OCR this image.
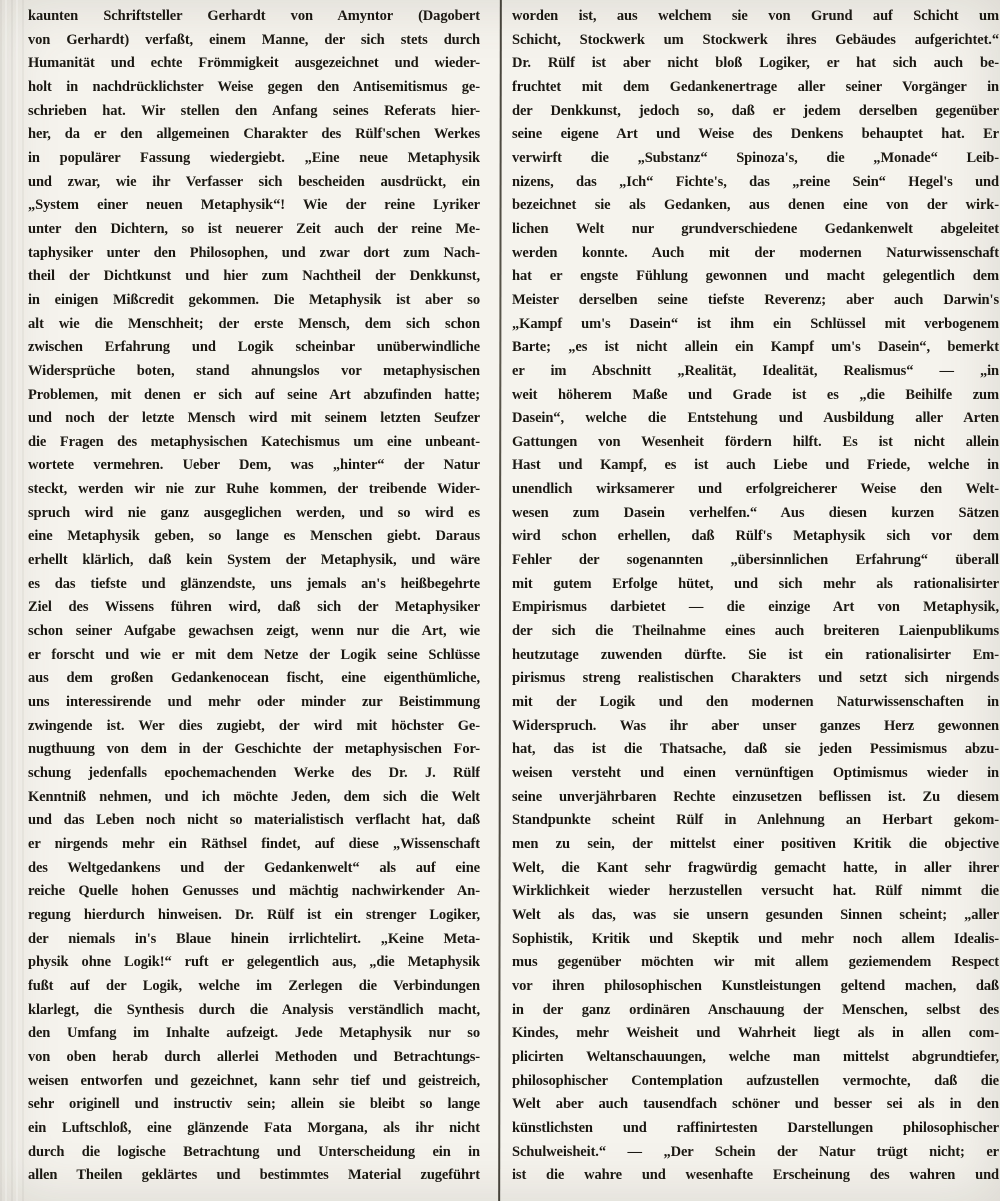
kaunten Schriftsteller Gerhardt von Amyntor (Dagobert
von Gerhardt) verfaßt, einem Manne, der sich stets durch
Humanität und echte Frömmigkeit ausgezeichnet und wieder-
holt in nachdrücklichster Weise gegen den Antisemitismus ge-
schrieben hat. Wir stellen den Anfang seines Referats hier-
her, da er den allgemeinen Charakter des Rülf'schen Werkes
in populärer Fassung wiedergiebt. „Eine neue Metaphysik
und zwar, wie ihr Verfasser sich bescheiden ausdrückt, ein
„System einer neuen Metaphysik“! Wie der reine Lyriker
unter den Dichtern, so ist neuerer Zeit auch der reine Me-
taphysiker unter den Philosophen, und zwar dort zum Nach-
theil der Dichtkunst und hier zum Nachtheil der Denkkunst,
in einigen Mißcredit gekommen. Die Metaphysik ist aber so
alt wie die Menschheit; der erste Mensch, dem sich schon
zwischen Erfahrung und Logik scheinbar unüberwindliche
Widersprüche boten, stand ahnungslos vor metaphysischen
Problemen, mit denen er sich auf seine Art abzufinden hatte;
und noch der letzte Mensch wird mit seinem letzten Seufzer
die Fragen des metaphysischen Katechismus um eine unbeant-
wortete vermehren. Ueber Dem, was „hinter“ der Natur
steckt, werden wir nie zur Ruhe kommen, der treibende Wider-
spruch wird nie ganz ausgeglichen werden, und so wird es
eine Metaphysik geben, so lange es Menschen giebt. Daraus
erhellt klärlich, daß kein System der Metaphysik, und wäre
es das tiefste und glänzendste, uns jemals an's heißbegehrte
Ziel des Wissens führen wird, daß sich der Metaphysiker
schon seiner Aufgabe gewachsen zeigt, wenn nur die Art, wie
er forscht und wie er mit dem Netze der Logik seine Schlüsse
aus dem großen Gedankenocean fischt, eine eigenthümliche,
uns interessirende und mehr oder minder zur Beistimmung
zwingende ist. Wer dies zugiebt, der wird mit höchster Ge-
nugthuung von dem in der Geschichte der metaphysischen For-
schung jedenfalls epochemachenden Werke des Dr. J. Rülf
Kenntniß nehmen, und ich möchte Jeden, dem sich die Welt
und das Leben noch nicht so materialistisch verflacht hat, daß
er nirgends mehr ein Räthsel findet, auf diese „Wissenschaft
des Weltgedankens und der Gedankenwelt“ als auf eine
reiche Quelle hohen Genusses und mächtig nachwirkender An-
regung hierdurch hinweisen. Dr. Rülf ist ein strenger Logiker,
der niemals in's Blaue hinein irrlichtelirt. „Keine Meta-
physik ohne Logik!“ ruft er gelegentlich aus, „die Metaphysik
fußt auf der Logik, welche im Zerlegen die Verbindungen
klarlegt, die Synthesis durch die Analysis verständlich macht,
den Umfang im Inhalte aufzeigt. Jede Metaphysik nur so
von oben herab durch allerlei Methoden und Betrachtungs-
weisen entworfen und gezeichnet, kann sehr tief und geistreich,
sehr originell und instructiv sein; allein sie bleibt so lange
ein Luftschloß, eine glänzende Fata Morgana, als ihr nicht
durch die logische Betrachtung und Unterscheidung ein in
allen Theilen geklärtes und bestimmtes Material zugeführt
worden ist, aus welchem sie von Grund auf Schicht um
Schicht, Stockwerk um Stockwerk ihres Gebäudes aufgerichtet.“
Dr. Rülf ist aber nicht bloß Logiker, er hat sich auch be-
fruchtet mit dem Gedankenertrage aller seiner Vorgänger in
der Denkkunst, jedoch so, daß er jedem derselben gegenüber
seine eigene Art und Weise des Denkens behauptet hat. Er
verwirft die „Substanz“ Spinoza's, die „Monade“ Leib-
nizens, das „Ich“ Fichte's, das „reine Sein“ Hegel's und
bezeichnet sie als Gedanken, aus denen eine von der wirk-
lichen Welt nur grundverschiedene Gedankenwelt abgeleitet
werden konnte. Auch mit der modernen Naturwissenschaft
hat er engste Fühlung gewonnen und macht gelegentlich dem
Meister derselben seine tiefste Reverenz; aber auch Darwin's
„Kampf um's Dasein“ ist ihm ein Schlüssel mit verbogenem
Barte; „es ist nicht allein ein Kampf um's Dasein“, bemerkt
er im Abschnitt „Realität, Idealität, Realismus“ — „in
weit höherem Maße und Grade ist es „die Beihilfe zum
Dasein“, welche die Entstehung und Ausbildung aller Arten
Gattungen von Wesenheit fördern hilft. Es ist nicht allein
Hast und Kampf, es ist auch Liebe und Friede, welche in
unendlich wirksamerer und erfolgreicherer Weise den Welt-
wesen zum Dasein verhelfen.“ Aus diesen kurzen Sätzen
wird schon erhellen, daß Rülf's Metaphysik sich vor dem
Fehler der sogenannten „übersinnlichen Erfahrung“ überall
mit gutem Erfolge hütet, und sich mehr als rationalisirter
Empirismus darbietet — die einzige Art von Metaphysik,
der sich die Theilnahme eines auch breiteren Laienpublikums
heutzutage zuwenden dürfte. Sie ist ein rationalisirter Em-
pirismus streng realistischen Charakters und setzt sich nirgends
mit der Logik und den modernen Naturwissenschaften in
Widerspruch. Was ihr aber unser ganzes Herz gewonnen
hat, das ist die Thatsache, daß sie jeden Pessimismus abzu-
weisen versteht und einen vernünftigen Optimismus wieder in
seine unverjährbaren Rechte einzusetzen beflissen ist. Zu diesem
Standpunkte scheint Rülf in Anlehnung an Herbart gekom-
men zu sein, der mittelst einer positiven Kritik die objective
Welt, die Kant sehr fragwürdig gemacht hatte, in aller ihrer
Wirklichkeit wieder herzustellen versucht hat. Rülf nimmt die
Welt als das, was sie unsern gesunden Sinnen scheint; „aller
Sophistik, Kritik und Skeptik und mehr noch allem Idealis-
mus gegenüber möchten wir mit allem geziemendem Respect
vor ihren philosophischen Kunstleistungen geltend machen, daß
in der ganz ordinären Anschauung der Menschen, selbst des
Kindes, mehr Weisheit und Wahrheit liegt als in allen com-
plicirten Weltanschauungen, welche man mittelst abgrundtiefer,
philosophischer Contemplation aufzustellen vermochte, daß die
Welt aber auch tausendfach schöner und besser sei als in den
künstlichsten und raffinirtesten Darstellungen philosophischer
Schulweisheit.“ — „Der Schein der Natur trügt nicht; er
ist die wahre und wesenhafte Erscheinung des wahren und
